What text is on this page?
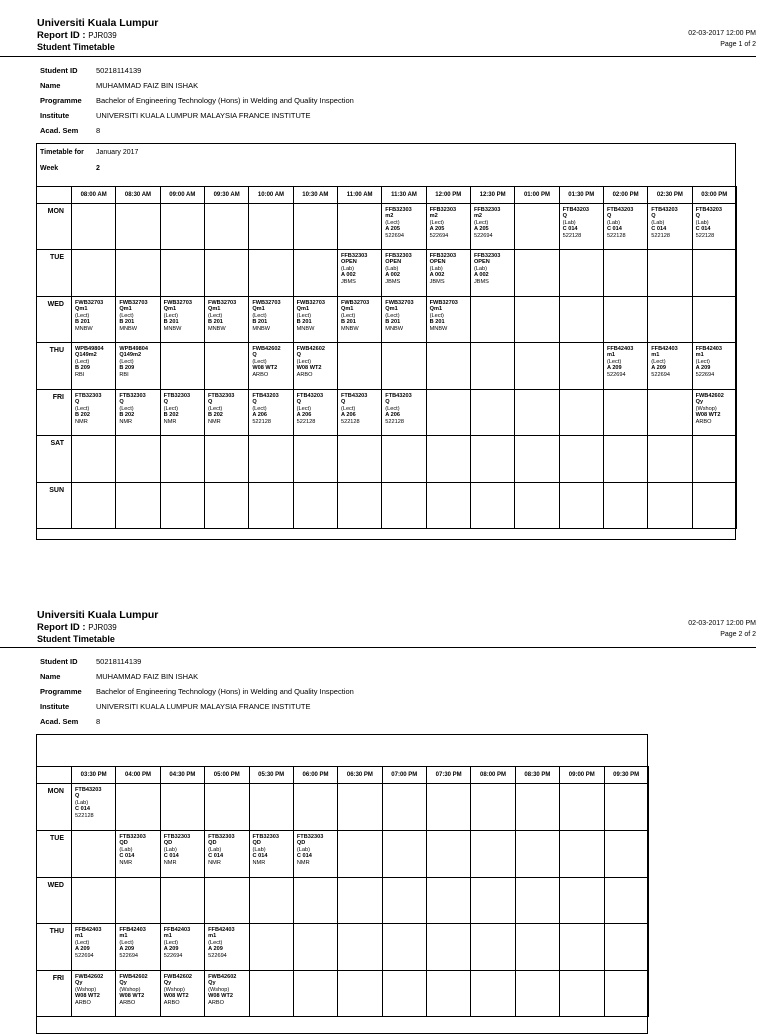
Universiti Kuala Lumpur
Report ID : PJR039
Student Timetable
02-03-2017 12:00 PM
Page 1 of 2
Student ID 50218114139
Name	MUHAMMAD FAIZ BIN ISHAK
Programme Bachelor of Engineering Technology (Hons) in Welding and Quality Inspection
Institute	UNIVERSITI KUALA LUMPUR MALAYSIA FRANCE INSTITUTE
Acad. Sem 8
Timetable for January 2017
Week	2
	08:00 AM	08:30 AM	09:00 AM	09:30 AM	10:00 AM	10:30 AM	11:00 AM	11:30 AM	12:00 PM	12:30 PM	01:00 PM	01:30 PM	02:00 PM	02:30 PM	03:00 PM
MON								FFB32303
m2
(Lect)
A 205
522694	FFB32303
m2
(Lect)
A 205
522694	FFB32303
m2
(Lect)
A 205
522694		FTB43203
Q
(Lab)
C 014
522128	FTB43203
Q
(Lab)
C 014
522128	FTB43203
Q
(Lab)
C 014
522128	FTB43203
Q
(Lab)
C 014
522128

TUE							FFB32303
OPEN
(Lab)
A 002
JBMS	FFB32303
OPEN
(Lab)
A 002
JBMS	FFB32303
OPEN
(Lab)
A 002
JBMS	FFB32303
OPEN
(Lab)
A 002
JBMS					

WED	FWB32703
Qm1
(Lect)
B 201
MNBW	FWB32703
Qm1
(Lect)
B 201
MNBW	FWB32703
Qm1
(Lect)
B 201
MNBW	FWB32703
Qm1
(Lect)
B 201
MNBW	FWB32703
Qm1
(Lect)
B 201
MNBW	FWB32703
Qm1
(Lect)
B 201
MNBW	FWB32703
Qm1
(Lect)
B 201
MNBW	FWB32703
Qm1
(Lect)
B 201
MNBW	FWB32703
Qm1
(Lect)
B 201
MNBW						

THU	WPB49804
Q149m2
(Lect)
B 209
RBI	WPB49804
Q149m2
(Lect)
B 209
RBI			FWB42602
Q
(Lect)
W08 WT2
ARBO	FWB42602
Q
(Lect)
W08 WT2
ARBO							FFB42403
m1
(Lect)
A 209
522694	FFB42403
m1
(Lect)
A 209
522694	FFB42403
m1
(Lect)
A 209
522694

FRI	FTB32303
Q
(Lect)
B 202
NMR	FTB32303
Q
(Lect)
B 202
NMR	FTB32303
Q
(Lect)
B 202
NMR	FTB32303
Q
(Lect)
B 202
NMR	FTB43203
Q
(Lect)
A 206
522128	FTB43203
Q
(Lect)
A 206
522128	FTB43203
Q
(Lect)
A 206
522128	FTB43203
Q
(Lect)
A 206
522128							FWB42602
Qy
(Wshop)
W08 WT2
ARBO

SAT															
SUN															
Universiti Kuala Lumpur
Report ID : PJR039
Student Timetable
02-03-2017 12:00 PM
Page 2 of 2
Student ID 50218114139
Name	MUHAMMAD FAIZ BIN ISHAK
Programme Bachelor of Engineering Technology (Hons) in Welding and Quality Inspection
Institute	UNIVERSITI KUALA LUMPUR MALAYSIA FRANCE INSTITUTE
Acad. Sem 8
	03:30 PM	04:00 PM	04:30 PM	05:00 PM	05:30 PM	06:00 PM	06:30 PM	07:00 PM	07:30 PM	08:00 PM	08:30 PM	09:00 PM	09:30 PM
MON	FTB43203
Q
(Lab)
C 014
522128												

TUE		FTB32303
QD
(Lab)
C 014
NMR	FTB32303
QD
(Lab)
C 014
NMR	FTB32303
QD
(Lab)
C 014
NMR	FTB32303
QD
(Lab)
C 014
NMR	FTB32303
QD
(Lab)
C 014
NMR							

WED													
THU	FFB42403
m1
(Lect)
A 209
522694	FFB42403
m1
(Lect)
A 209
522694	FFB42403
m1
(Lect)
A 209
522694	FFB42403
m1
(Lect)
A 209
522694									

FRI	FWB42602
Qy
(Wshop)
W08 WT2
ARBO	FWB42602
Qy
(Wshop)
W08 WT2
ARBO	FWB42602
Qy
(Wshop)
W08 WT2
ARBO	FWB42602
Qy
(Wshop)
W08 WT2
ARBO									
